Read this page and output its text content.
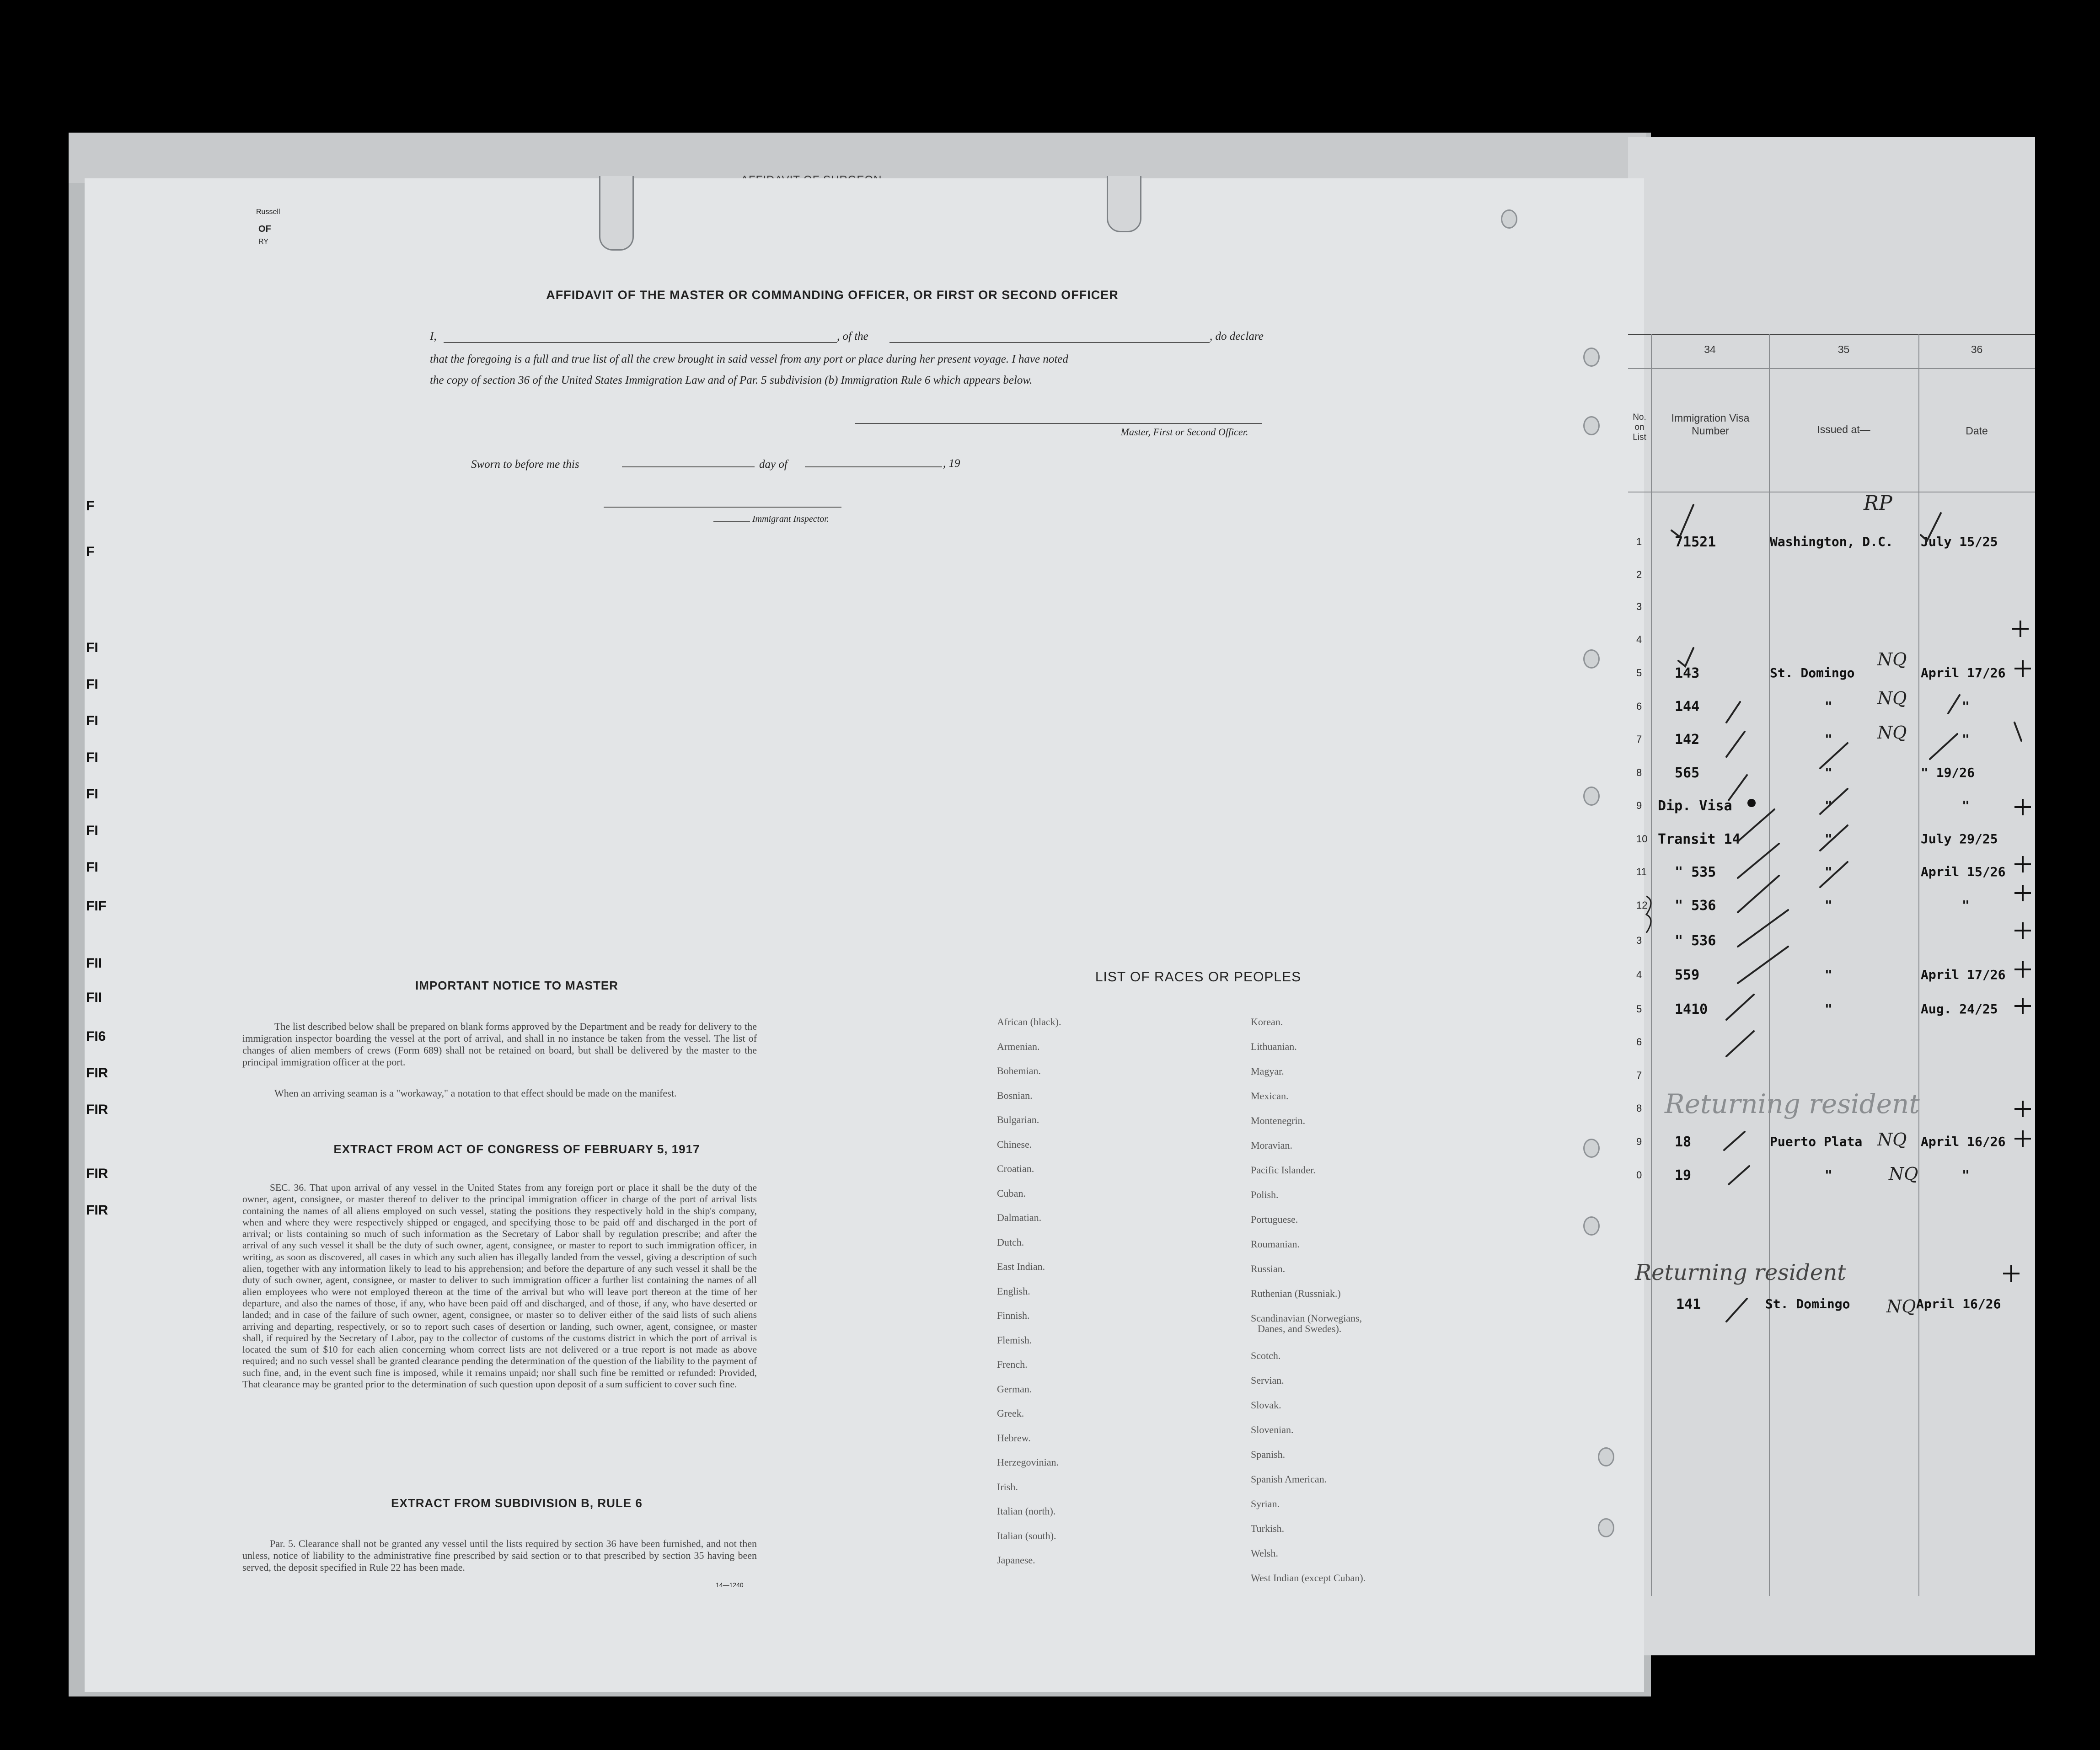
Russell
OF
RY
F
F
FI
FI
FI
FI
FI
FI
FI
FIF
FII
FII
FI6
FIR
FIR
FIR
FIR
AFFIDAVIT OF THE MASTER OR COMMANDING OFFICER, OR FIRST OR SECOND OFFICER
I,	, of the	, do declare
that the foregoing is a full and true list of all the crew brought in said vessel from any port or place during her present voyage. I have noted
the copy of section 36 of the United States Immigration Law and of Par. 5 subdivision (b) Immigration Rule 6 which appears below.
Master, First or Second Officer.
Sworn to before me this	day of	, 19
Immigrant Inspector.
IMPORTANT NOTICE TO MASTER
The list described below shall be prepared on blank forms approved by the Department and be ready for delivery to the immigration inspector boarding the vessel at the port of arrival, and shall in no instance be taken from the vessel. The list of changes of alien members of crews (Form 689) shall not be retained on board, but shall be delivered by the master to the principal immigration officer at the port.
When an arriving seaman is a "workaway," a notation to that effect should be made on the manifest.
EXTRACT FROM ACT OF CONGRESS OF FEBRUARY 5, 1917
SEC. 36. That upon arrival of any vessel in the United States from any foreign port or place it shall be the duty of the owner, agent, consignee, or master thereof to deliver to the principal immigration officer in charge of the port of arrival lists containing the names of all aliens employed on such vessel, stating the positions they respectively hold in the ship's company, when and where they were respectively shipped or engaged, and specifying those to be paid off and discharged in the port of arrival; or lists containing so much of such information as the Secretary of Labor shall by regulation prescribe; and after the arrival of any such vessel it shall be the duty of such owner, agent, consignee, or master to report to such immigration officer, in writing, as soon as discovered, all cases in which any such alien has illegally landed from the vessel, giving a description of such alien, together with any information likely to lead to his apprehension; and before the departure of any such vessel it shall be the duty of such owner, agent, consignee, or master to deliver to such immigration officer a further list containing the names of all alien employees who were not employed thereon at the time of the arrival but who will leave port thereon at the time of her departure, and also the names of those, if any, who have been paid off and discharged, and of those, if any, who have deserted or landed; and in case of the failure of such owner, agent, consignee, or master so to deliver either of the said lists of such aliens arriving and departing, respectively, or so to report such cases of desertion or landing, such owner, agent, consignee, or master shall, if required by the Secretary of Labor, pay to the collector of customs of the customs district in which the port of arrival is located the sum of $10 for each alien concerning whom correct lists are not delivered or a true report is not made as above required; and no such vessel shall be granted clearance pending the determination of the question of the liability to the payment of such fine, and, in the event such fine is imposed, while it remains unpaid; nor shall such fine be remitted or refunded: Provided, That clearance may be granted prior to the determination of such question upon deposit of a sum sufficient to cover such fine.
EXTRACT FROM SUBDIVISION B, RULE 6
Par. 5. Clearance shall not be granted any vessel until the lists required by section 36 have been furnished, and not then unless, notice of liability to the administrative fine prescribed by said section or to that prescribed by section 35 having been served, the deposit specified in Rule 22 has been made.
14—1240
LIST OF RACES OR PEOPLES
African (black).
Armenian.
Bohemian.
Bosnian.
Bulgarian.
Chinese.
Croatian.
Cuban.
Dalmatian.
Dutch.
East Indian.
English.
Finnish.
Flemish.
French.
German.
Greek.
Hebrew.
Herzegovinian.
Irish.
Italian (north).
Italian (south).
Japanese.
Korean.
Lithuanian.
Magyar.
Mexican.
Montenegrin.
Moravian.
Pacific Islander.
Polish.
Portuguese.
Roumanian.
Russian.
Ruthenian (Russniak.)
Scandinavian (Norwegians,
Danes, and Swedes).
Scotch.
Servian.
Slovak.
Slovenian.
Spanish.
Spanish American.
Syrian.
Turkish.
Welsh.
West Indian (except Cuban).
34	35	36
No. on List
Immigration Visa Number	Issued at—	Date
1 71521	Washington, D.C. July 15/25
2
3
4
5 143	St. Domingo	April 17/26
6 144	"	"
7 142	"	"
8 565	"	" 19/26
9 Dip. Visa	"	"
10 Transit 14	"	July 29/25
11 " 535	"	April 15/26
12 " 536	"	"
3 " 536
4 559	"	April 17/26
5 1410	"	Aug. 24/25
6
7
8
9 18	Puerto Plata	April 16/26
0 19	"	"
RP
NQ
NQ
NQ
NQ
NQ
NQ
Returning resident
Returning resident
141	St. Domingo	April 16/26
